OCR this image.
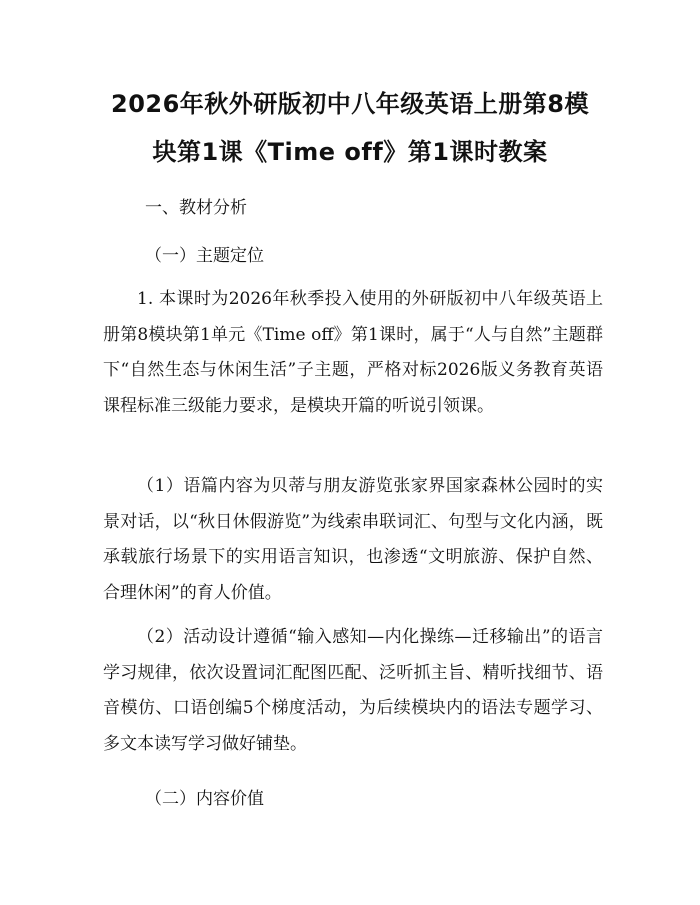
2026年秋外研版初中八年级英语上册第8模
块第1课《Time off》第1课时教案

一、教材分析

（一）主题定位

1. 本课时为2026年秋季投入使用的外研版初中八年级英语上册第8模块第1单元《Time off》第1课时，属于“人与自然”主题群下“自然生态与休闲生活”子主题，严格对标2026版义务教育英语课程标准三级能力要求，是模块开篇的听说引领课。

（1）语篇内容为贝蒂与朋友游览张家界国家森林公园时的实景对话，以“秋日休假游览”为线索串联词汇、句型与文化内涵，既承载旅行场景下的实用语言知识，也渗透“文明旅游、保护自然、合理休闲”的育人价值。

（2）活动设计遵循“输入感知—内化操练—迁移输出”的语言学习规律，依次设置词汇配图匹配、泛听抓主旨、精听找细节、语音模仿、口语创编5个梯度活动，为后续模块内的语法专题学习、多文本读写学习做好铺垫。

（二）内容价值
